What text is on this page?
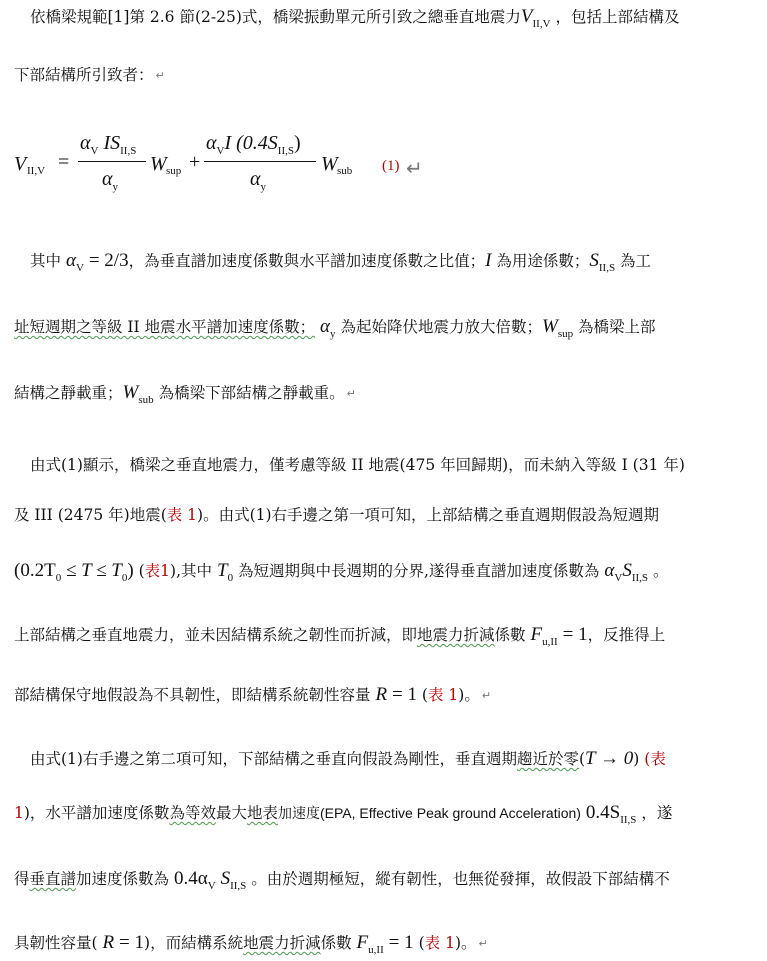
依橋梁規範[1]第 2.6 節(2-25)式，橋梁振動單元所引致之總垂直地震力$V_{II,V}$ ，包括上部結構及
下部結構所引致者： ↵
V II,V =
$\alpha_V$ $IS_{II,S}$
$\alpha_y$
W sup +
$\alpha_VI$ $(0.4S_{II,S})$
$\alpha_y$
W sub (1) ↵
其中 $\alpha_V = 2/3$，為垂直譜加速度係數與水平譜加速度係數之比值；I 為用途係數；$S_{II,S}$ 為工
址短週期之等級 II 地震水平譜加速度係數； $\alpha_y$ 為起始降伏地震力放大倍數；$W_{sup}$ 為橋梁上部
結構之靜載重；$W_{sub}$ 為橋梁下部結構之靜載重。 ↵
由式(1)顯示，橋梁之垂直地震力，僅考慮等級 II 地震(475 年回歸期)，而未納入等級 I (31 年)
及 III (2475 年)地震(表 1)。由式(1)右手邊之第一項可知，上部結構之垂直週期假設為短週期
$(0.2T_0 \le T \le T_0)$ (表1),其中 $T_0$ 為短週期與中長週期的分界,遂得垂直譜加速度係數為 $\alpha_VS_{II,S}$ 。
上部結構之垂直地震力，並未因結構系統之韌性而折減，即地震力折減係數 $F_{u,II} = 1$，反推得上
部結構保守地假設為不具韌性，即結構系統韌性容量 R = 1 (表 1)。 ↵
由式(1)右手邊之第二項可知，下部結構之垂直向假設為剛性，垂直週期趨近於零(T → 0) (表
1)，水平譜加速度係數為等效最大地表加速度(EPA, Effective Peak ground Acceleration) $0.4S_{II,S}$ ，遂
得垂直譜加速度係數為 $0.4\alpha_V$ $S_{II,S}$ 。由於週期極短，縱有韌性，也無從發揮，故假設下部結構不
具韌性容量( R = 1)，而結構系統地震力折減係數 $F_{u,II} = 1$ (表 1)。 ↵
